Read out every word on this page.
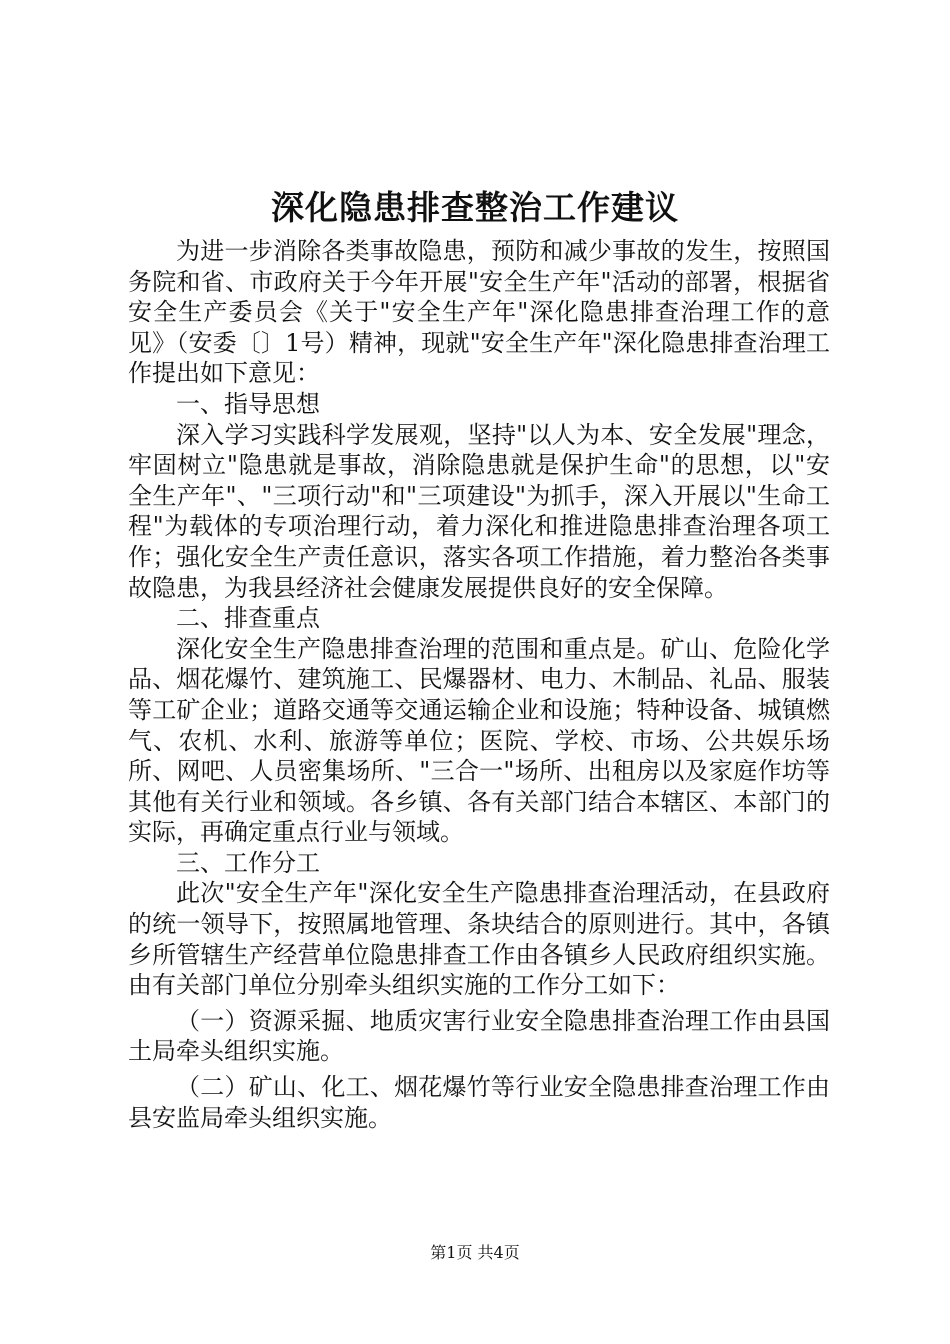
深化隐患排查整治工作建议

为进一步消除各类事故隐患，预防和减少事故的发生，按照国务院和省、市政府关于今年开展"安全生产年"活动的部署，根据省安全生产委员会《关于"安全生产年"深化隐患排查治理工作的意见》（安委〔〕1号）精神，现就"安全生产年"深化隐患排查治理工作提出如下意见：

一、指导思想

深入学习实践科学发展观，坚持"以人为本、安全发展"理念，牢固树立"隐患就是事故，消除隐患就是保护生命"的思想，以"安全生产年"、"三项行动"和"三项建设"为抓手，深入开展以"生命工程"为载体的专项治理行动，着力深化和推进隐患排查治理各项工作；强化安全生产责任意识，落实各项工作措施，着力整治各类事故隐患，为我县经济社会健康发展提供良好的安全保障。

二、排查重点

深化安全生产隐患排查治理的范围和重点是。矿山、危险化学品、烟花爆竹、建筑施工、民爆器材、电力、木制品、礼品、服装等工矿企业；道路交通等交通运输企业和设施；特种设备、城镇燃气、农机、水利、旅游等单位；医院、学校、市场、公共娱乐场所、网吧、人员密集场所、"三合一"场所、出租房以及家庭作坊等其他有关行业和领域。各乡镇、各有关部门结合本辖区、本部门的实际，再确定重点行业与领域。

三、工作分工

此次"安全生产年"深化安全生产隐患排查治理活动，在县政府的统一领导下，按照属地管理、条块结合的原则进行。其中，各镇乡所管辖生产经营单位隐患排查工作由各镇乡人民政府组织实施。由有关部门单位分别牵头组织实施的工作分工如下：

（一）资源采掘、地质灾害行业安全隐患排查治理工作由县国土局牵头组织实施。

（二）矿山、化工、烟花爆竹等行业安全隐患排查治理工作由县安监局牵头组织实施。

第1页 共4页
